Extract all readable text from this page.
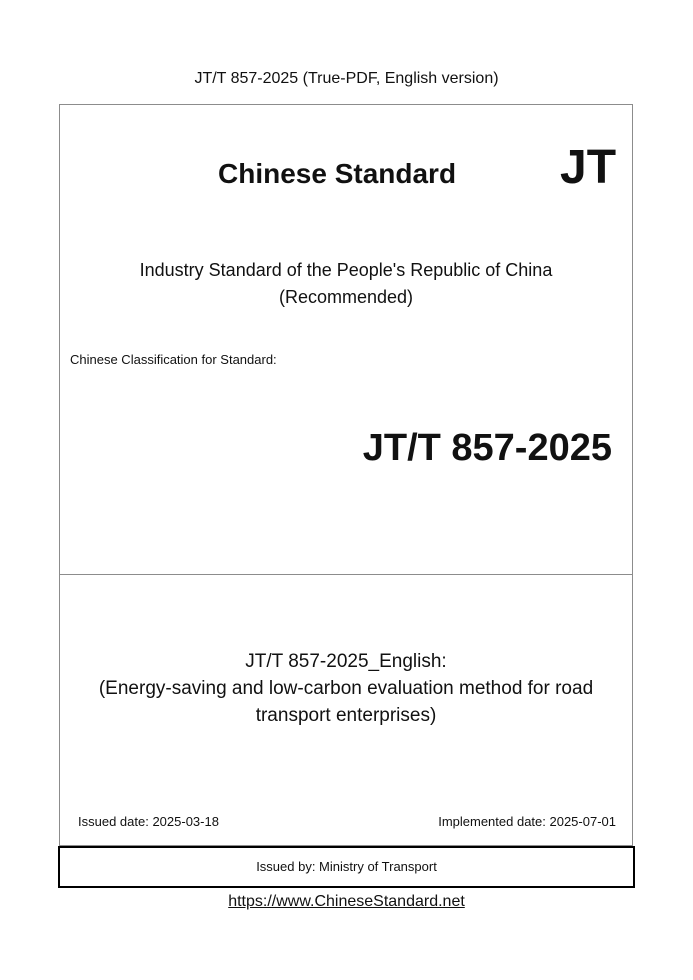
JT/T 857-2025 (True-PDF, English version)
Chinese Standard JT
Industry Standard of the People's Republic of China
(Recommended)
Chinese Classification for Standard:
JT/T 857-2025
JT/T 857-2025_English:
(Energy-saving and low-carbon evaluation method for road
transport enterprises)
Issued date: 2025-03-18	Implemented date: 2025-07-01
Issued by: Ministry of Transport
https://www.ChineseStandard.net
